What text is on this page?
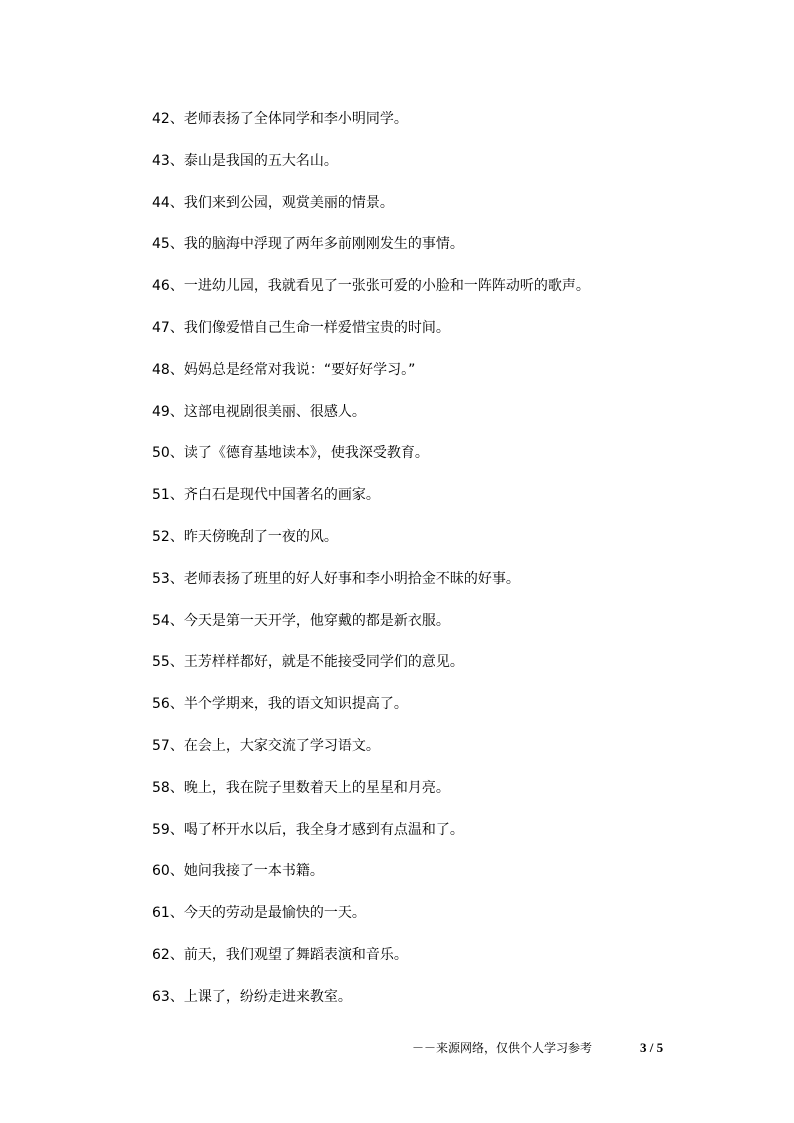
42、老师表扬了全体同学和李小明同学。
43、泰山是我国的五大名山。
44、我们来到公园，观赏美丽的情景。
45、我的脑海中浮现了两年多前刚刚发生的事情。
46、一进幼儿园，我就看见了一张张可爱的小脸和一阵阵动听的歌声。
47、我们像爱惜自己生命一样爱惜宝贵的时间。
48、妈妈总是经常对我说：“要好好学习。”
49、这部电视剧很美丽、很感人。
50、读了《德育基地读本》，使我深受教育。
51、齐白石是现代中国著名的画家。
52、昨天傍晚刮了一夜的风。
53、老师表扬了班里的好人好事和李小明拾金不昧的好事。
54、今天是第一天开学，他穿戴的都是新衣服。
55、王芳样样都好，就是不能接受同学们的意见。
56、半个学期来，我的语文知识提高了。
57、在会上，大家交流了学习语文。
58、晚上，我在院子里数着天上的星星和月亮。
59、喝了杯开水以后，我全身才感到有点温和了。
60、她问我接了一本书籍。
61、今天的劳动是最愉快的一天。
62、前天，我们观望了舞蹈表演和音乐。
63、上课了，纷纷走进来教室。
－－来源网络，仅供个人学习参考	3 / 5
